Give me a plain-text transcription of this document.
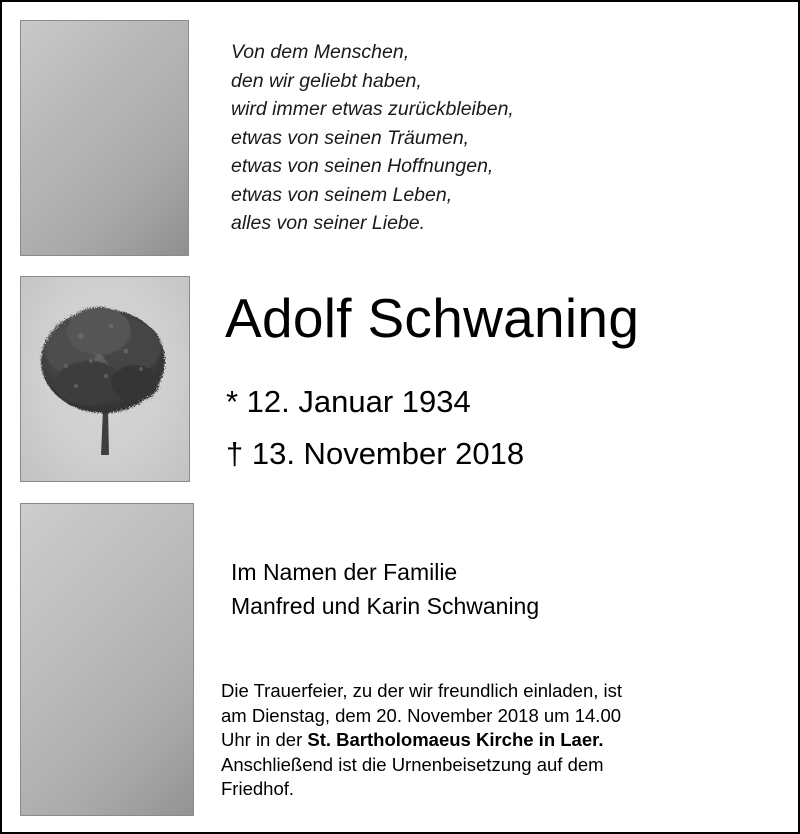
Von dem Menschen,
den wir geliebt haben,
wird immer etwas zurückbleiben,
etwas von seinen Träumen,
etwas von seinen Hoffnungen,
etwas von seinem Leben,
alles von seiner Liebe.
Adolf Schwaning
* 12. Januar 1934
† 13. November 2018
Im Namen der Familie
Manfred und Karin Schwaning
Die Trauerfeier, zu der wir freundlich einladen, ist
am Dienstag, dem 20. November 2018 um 14.00
Uhr in der St. Bartholomaeus Kirche in Laer.
Anschließend ist die Urnenbeisetzung auf dem
Friedhof.
